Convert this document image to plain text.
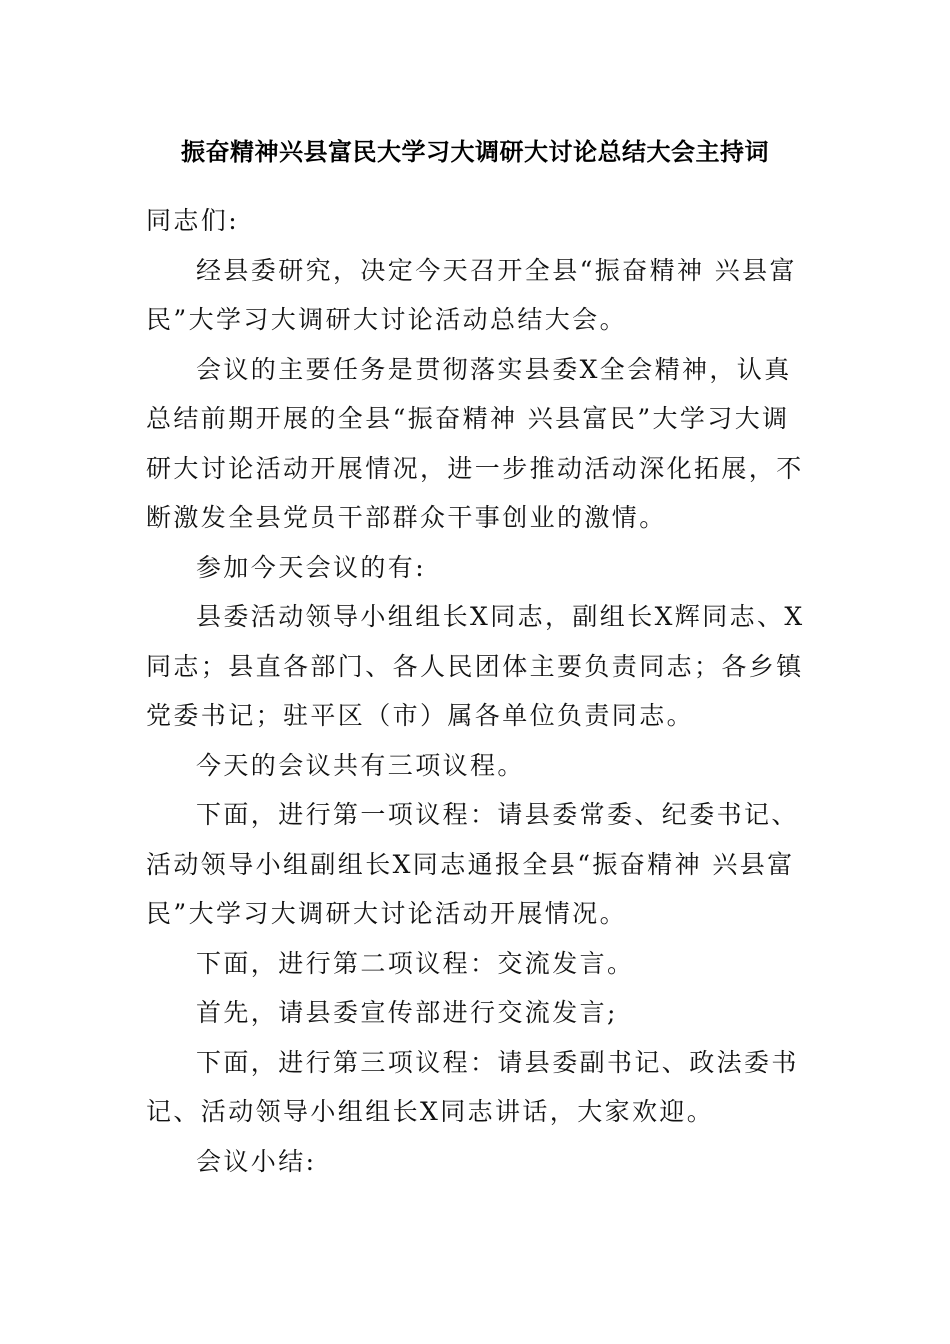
振奋精神兴县富民大学习大调研大讨论总结大会主持词

同志们:

经县委研究，决定今天召开全县“振奋精神 兴县富民”大学习大调研大讨论活动总结大会。

会议的主要任务是贯彻落实县委X全会精神，认真总结前期开展的全县“振奋精神 兴县富民”大学习大调研大讨论活动开展情况，进一步推动活动深化拓展，不断激发全县党员干部群众干事创业的激情。

参加今天会议的有:

县委活动领导小组组长X同志，副组长X辉同志、X同志；县直各部门、各人民团体主要负责同志；各乡镇党委书记；驻平区（市）属各单位负责同志。

今天的会议共有三项议程。

下面，进行第一项议程：请县委常委、纪委书记、活动领导小组副组长X同志通报全县“振奋精神 兴县富民”大学习大调研大讨论活动开展情况。

下面，进行第二项议程：交流发言。

首先，请县委宣传部进行交流发言;

下面，进行第三项议程：请县委副书记、政法委书记、活动领导小组组长X同志讲话，大家欢迎。

会议小结:
